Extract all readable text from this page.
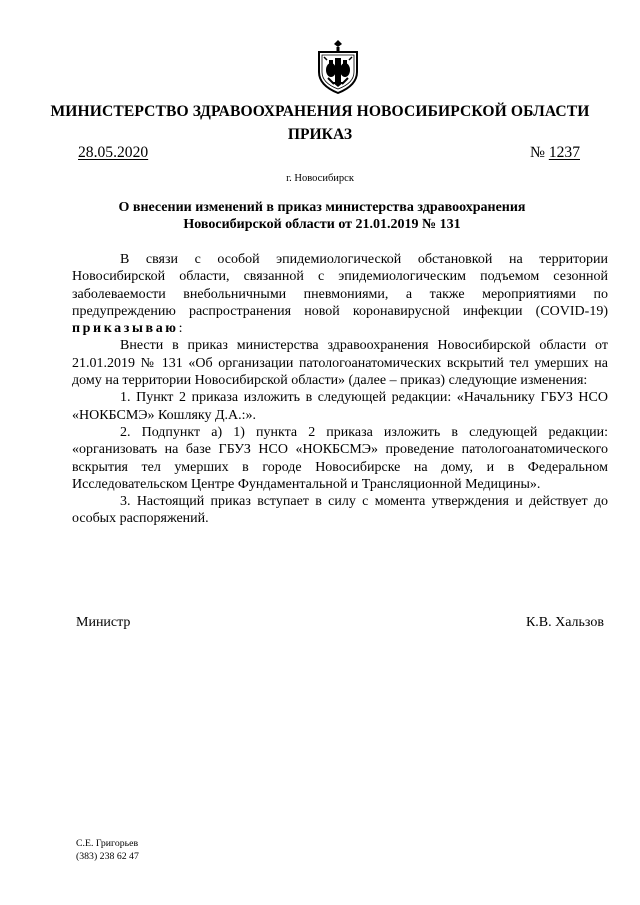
МИНИСТЕРСТВО ЗДРАВООХРАНЕНИЯ НОВОСИБИРСКОЙ ОБЛАСТИ
ПРИКАЗ
28.05.2020	№ 1237
г. Новосибирск
О внесении изменений в приказ министерства здравоохранения
Новосибирской области от 21.01.2019 № 131

В связи с особой эпидемиологической обстановкой на территории Новосибирской области, связанной с эпидемиологическим подъемом сезонной заболеваемости внебольничными пневмониями, а также мероприятиями по предупреждению распространения новой коронавирусной инфекции (COVID-19) приказываю:

Внести в приказ министерства здравоохранения Новосибирской области от 21.01.2019 № 131 «Об организации патологоанатомических вскрытий тел умерших на дому на территории Новосибирской области» (далее – приказ) следующие изменения:

1. Пункт 2 приказа изложить в следующей редакции: «Начальнику ГБУЗ НСО «НОКБСМЭ» Кошляку Д.А.:».

2. Подпункт а) 1) пункта 2 приказа изложить в следующей редакции: «организовать на базе ГБУЗ НСО «НОКБСМЭ» проведение патологоанатомического вскрытия тел умерших в городе Новосибирске на дому, и в Федеральном Исследовательском Центре Фундаментальной и Трансляционной Медицины».

3. Настоящий приказ вступает в силу с момента утверждения и действует до особых распоряжений.

Министр	К.В. Хальзов
С.Е. Григорьев
(383) 238 62 47
